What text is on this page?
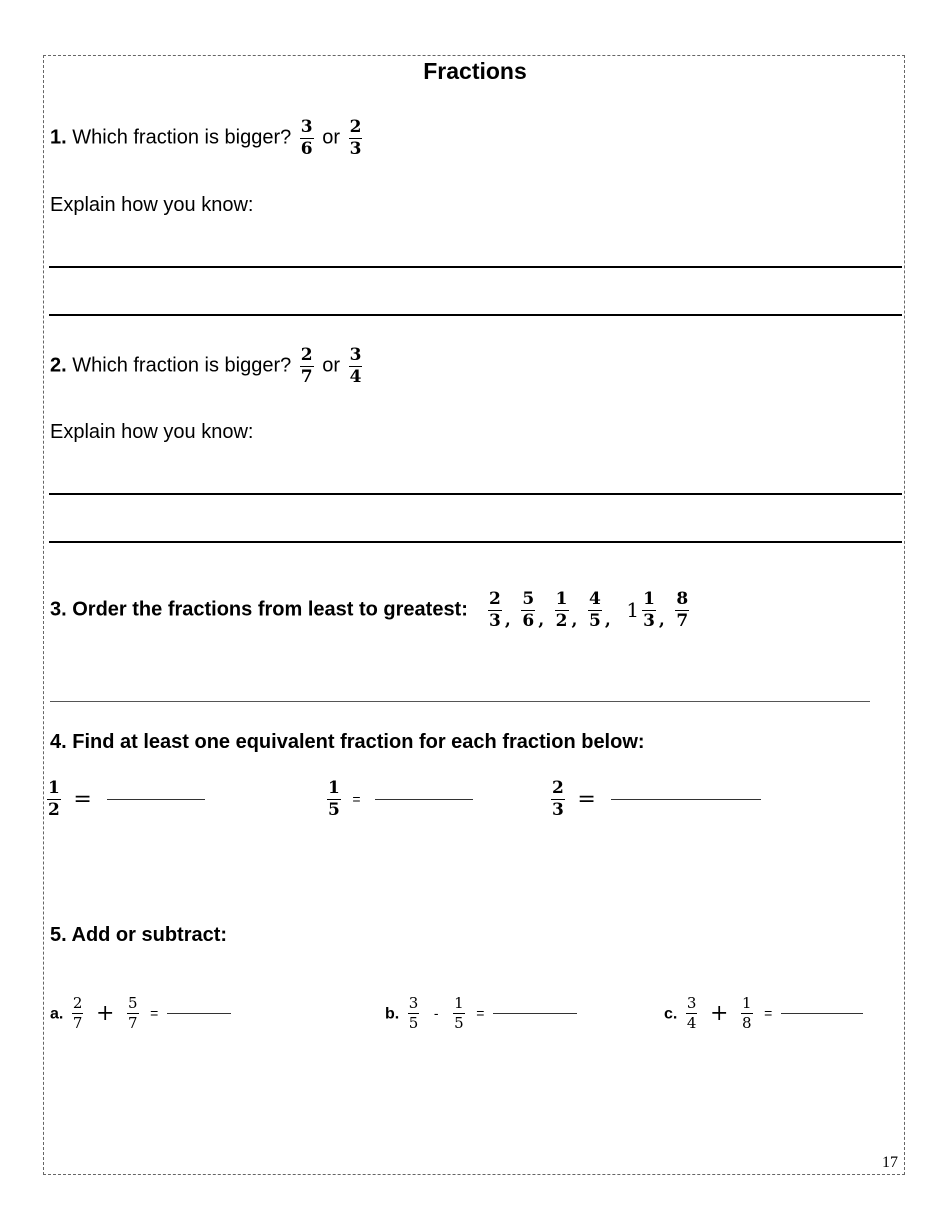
Fractions
1. Which fraction is bigger? $\frac{3}{6}$ or $\frac{2}{3}$
Explain how you know:
2. Which fraction is bigger? $\frac{2}{7}$ or $\frac{3}{4}$
Explain how you know:
3. Order the fractions from least to greatest: $\frac{2}{3}$ , $\frac{5}{6}$ , $\frac{1}{2}$ , $\frac{4}{5}$ , $1 \frac{1}{3}$ , $\frac{8}{7}$
4. Find at least one equivalent fraction for each fraction below:
$\frac{1}{2}$ =	$\frac{1}{5}$ =	$\frac{2}{3}$ =
5. Add or subtract:
a. $\frac{2}{7} + \frac{5}{7}$ =	b. $\frac{3}{5} - \frac{1}{5}$ =	c. $\frac{3}{4} + \frac{1}{8}$ =
17
